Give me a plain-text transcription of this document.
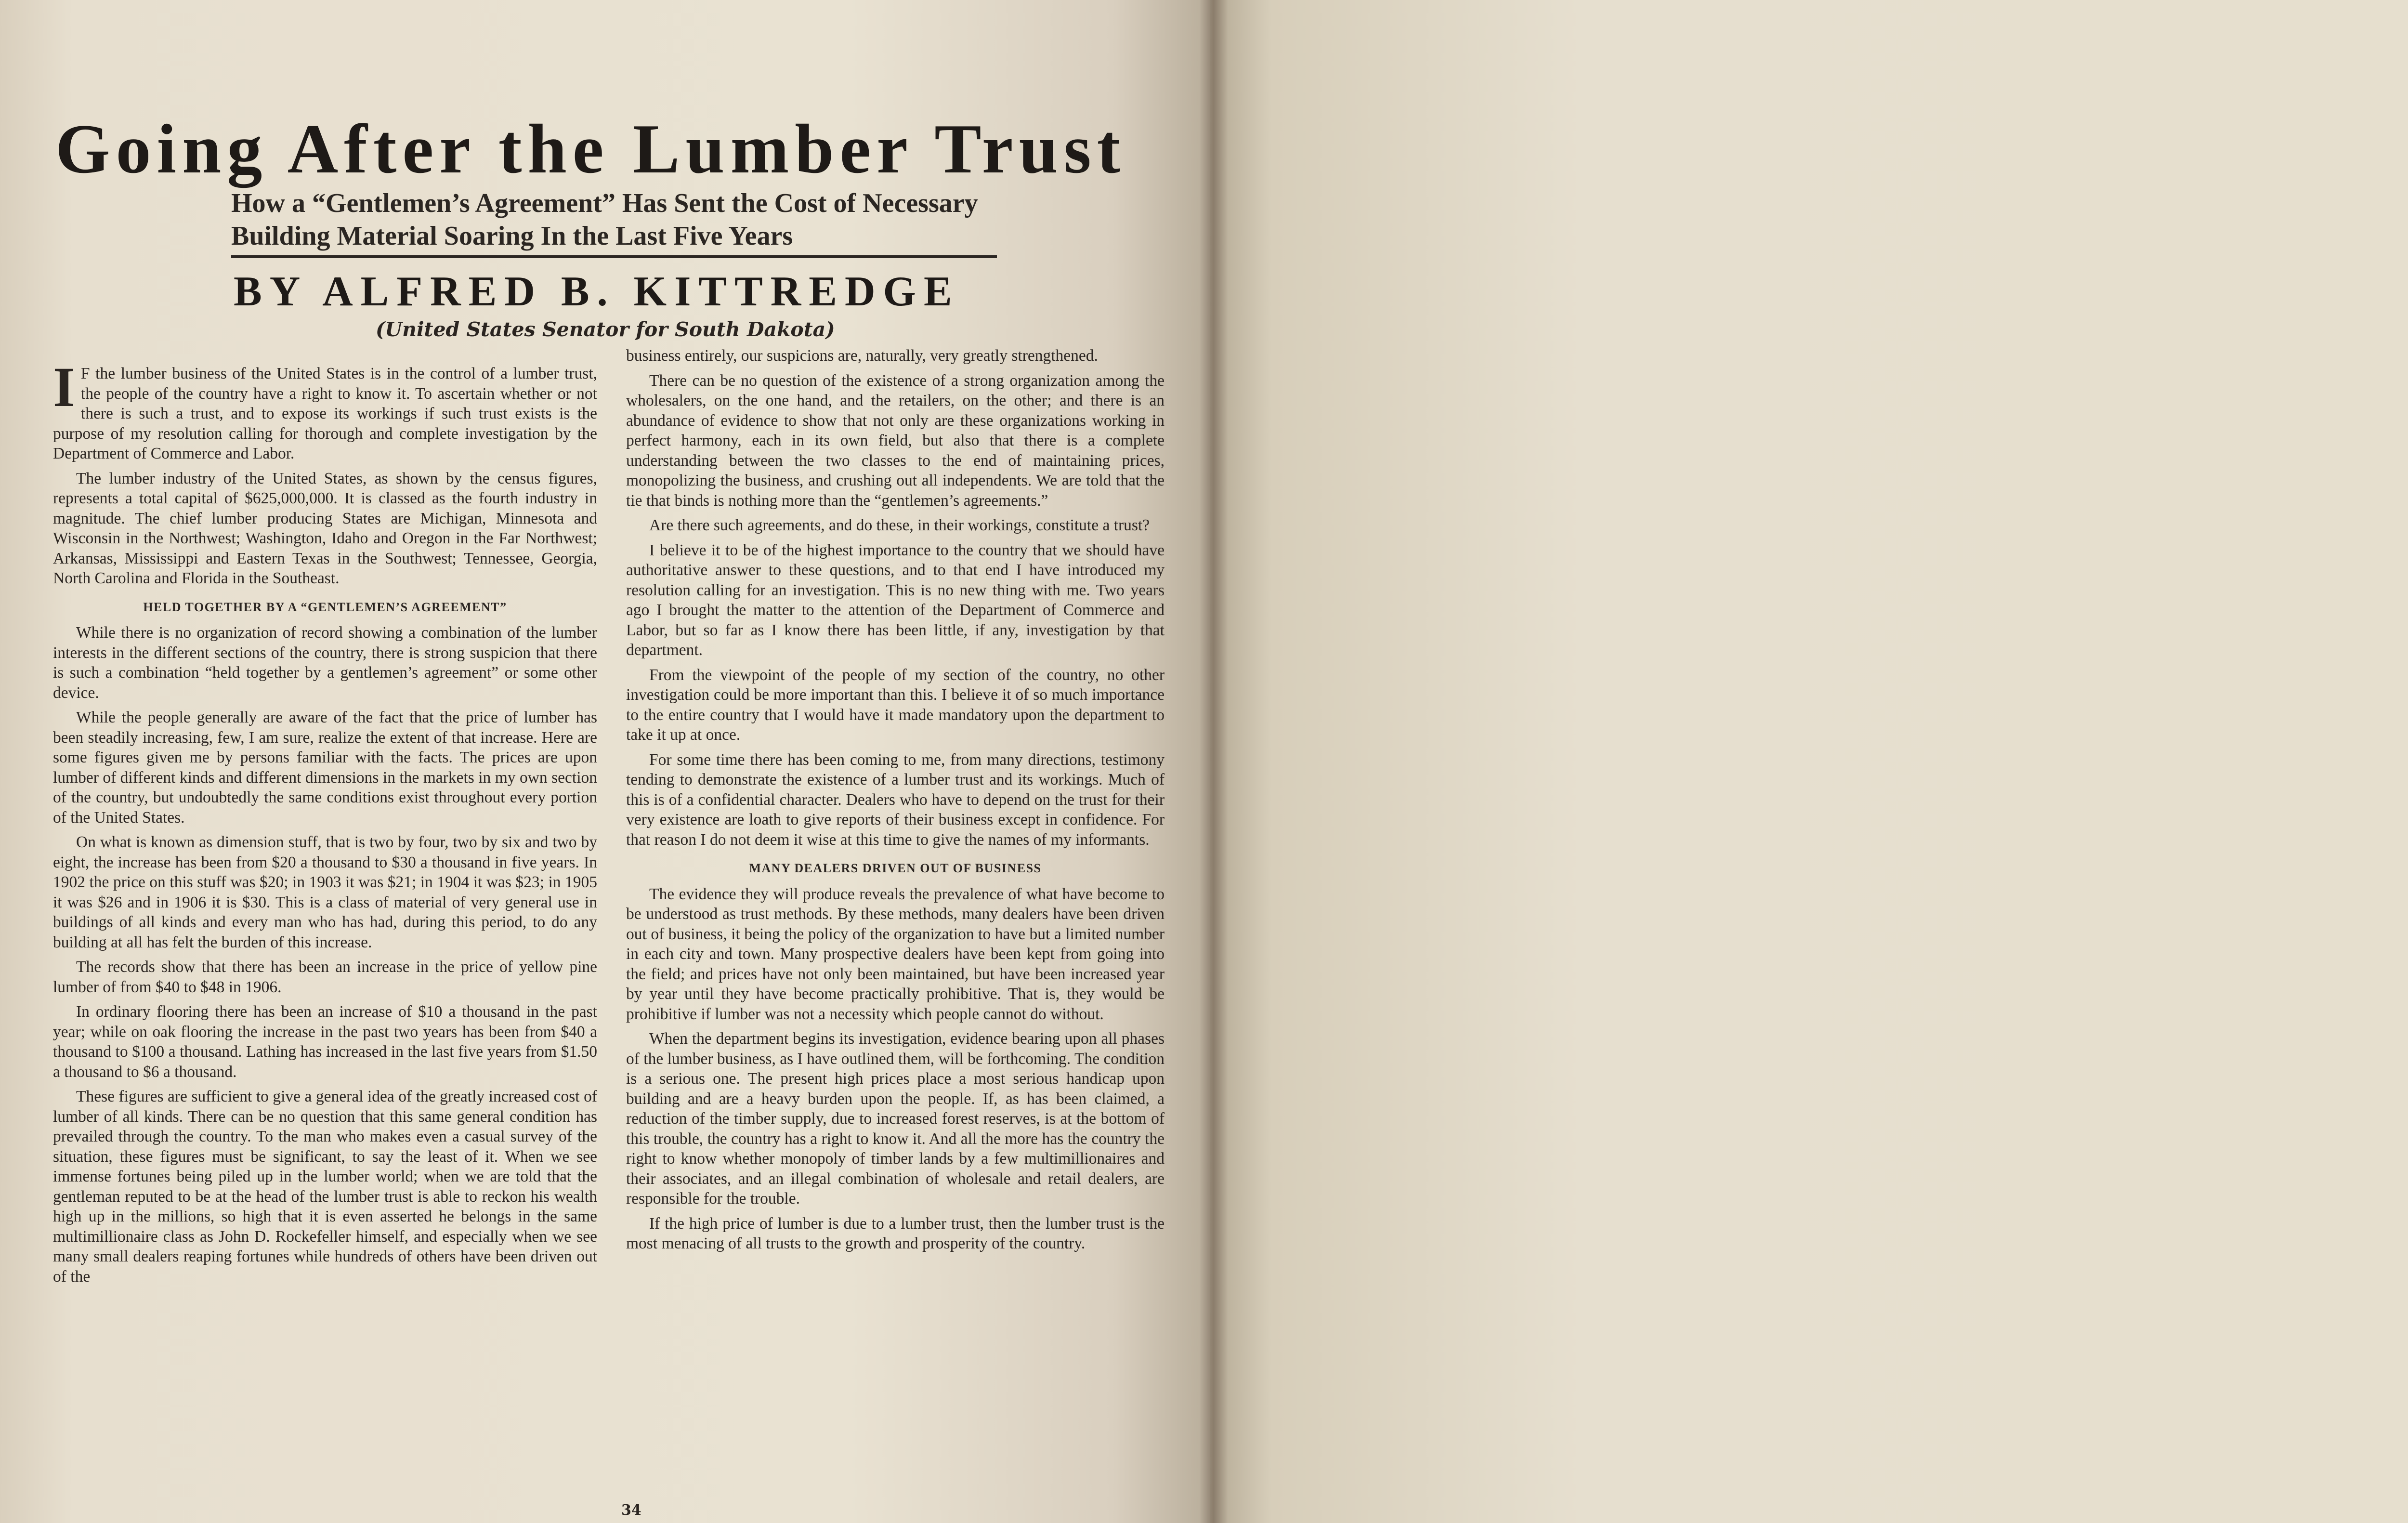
Going After the Lumber Trust
How a “Gentlemen’s Agreement” Has Sent the Cost of Necessary Building Material Soaring In the Last Five Years
BY ALFRED B. KITTREDGE
(United States Senator for South Dakota)

I F the lumber business of the United States is in the control of a lumber trust, the people of the country have a right to know it. To ascertain whether or not there is such a trust, and to expose its workings if such trust exists is the purpose of my resolution calling for thorough and complete investigation by the Department of Commerce and Labor.

The lumber industry of the United States, as shown by the census figures, represents a total capital of $625,000,000. It is classed as the fourth industry in magnitude. The chief lumber producing States are Michigan, Minnesota and Wisconsin in the Northwest; Washington, Idaho and Oregon in the Far Northwest; Arkansas, Mississippi and Eastern Texas in the Southwest; Tennessee, Georgia, North Carolina and Florida in the Southeast.

HELD TOGETHER BY A “GENTLEMEN’S AGREEMENT”

While there is no organization of record showing a combination of the lumber interests in the different sections of the country, there is strong suspicion that there is such a combination “held together by a gentlemen’s agreement” or some other device.

While the people generally are aware of the fact that the price of lumber has been steadily increasing, few, I am sure, realize the extent of that increase. Here are some figures given me by persons familiar with the facts. The prices are upon lumber of different kinds and different dimensions in the markets in my own section of the country, but undoubtedly the same conditions exist throughout every portion of the United States.

On what is known as dimension stuff, that is two by four, two by six and two by eight, the increase has been from $20 a thousand to $30 a thousand in five years. In 1902 the price on this stuff was $20; in 1903 it was $21; in 1904 it was $23; in 1905 it was $26 and in 1906 it is $30. This is a class of material of very general use in buildings of all kinds and every man who has had, during this period, to do any building at all has felt the burden of this increase.

The records show that there has been an increase in the price of yellow pine lumber of from $40 to $48 in 1906.

In ordinary flooring there has been an increase of $10 a thousand in the past year; while on oak flooring the increase in the past two years has been from $40 a thousand to $100 a thousand. Lathing has increased in the last five years from $1.50 a thousand to $6 a thousand.

These figures are sufficient to give a general idea of the greatly increased cost of lumber of all kinds. There can be no question that this same general condition has prevailed through the country. To the man who makes even a casual survey of the situation, these figures must be significant, to say the least of it. When we see immense fortunes being piled up in the lumber world; when we are told that the gentleman reputed to be at the head of the lumber trust is able to reckon his wealth high up in the millions, so high that it is even asserted he belongs in the same multimillionaire class as John D. Rockefeller himself, and especially when we see many small dealers reaping fortunes while hundreds of others have been driven out of the

business entirely, our suspicions are, naturally, very greatly strengthened.

There can be no question of the existence of a strong organization among the wholesalers, on the one hand, and the retailers, on the other; and there is an abundance of evidence to show that not only are these organizations working in perfect harmony, each in its own field, but also that there is a complete understanding between the two classes to the end of maintaining prices, monopolizing the business, and crushing out all independents. We are told that the tie that binds is nothing more than the “gentlemen’s agreements.”

Are there such agreements, and do these, in their workings, constitute a trust?

I believe it to be of the highest importance to the country that we should have authoritative answer to these questions, and to that end I have introduced my resolution calling for an investigation. This is no new thing with me. Two years ago I brought the matter to the attention of the Department of Commerce and Labor, but so far as I know there has been little, if any, investigation by that department.

From the viewpoint of the people of my section of the country, no other investigation could be more important than this. I believe it of so much importance to the entire country that I would have it made mandatory upon the department to take it up at once.

For some time there has been coming to me, from many directions, testimony tending to demonstrate the existence of a lumber trust and its workings. Much of this is of a confidential character. Dealers who have to depend on the trust for their very existence are loath to give reports of their business except in confidence. For that reason I do not deem it wise at this time to give the names of my informants.

MANY DEALERS DRIVEN OUT OF BUSINESS

The evidence they will produce reveals the prevalence of what have become to be understood as trust methods. By these methods, many dealers have been driven out of business, it being the policy of the organization to have but a limited number in each city and town. Many prospective dealers have been kept from going into the field; and prices have not only been maintained, but have been increased year by year until they have become practically prohibitive. That is, they would be prohibitive if lumber was not a necessity which people cannot do without.

When the department begins its investigation, evidence bearing upon all phases of the lumber business, as I have outlined them, will be forthcoming. The condition is a serious one. The present high prices place a most serious handicap upon building and are a heavy burden upon the people. If, as has been claimed, a reduction of the timber supply, due to increased forest reserves, is at the bottom of this trouble, the country has a right to know it. And all the more has the country the right to know whether monopoly of timber lands by a few multimillionaires and their associates, and an illegal combination of wholesale and retail dealers, are responsible for the trouble.

If the high price of lumber is due to a lumber trust, then the lumber trust is the most menacing of all trusts to the growth and prosperity of the country.

34
